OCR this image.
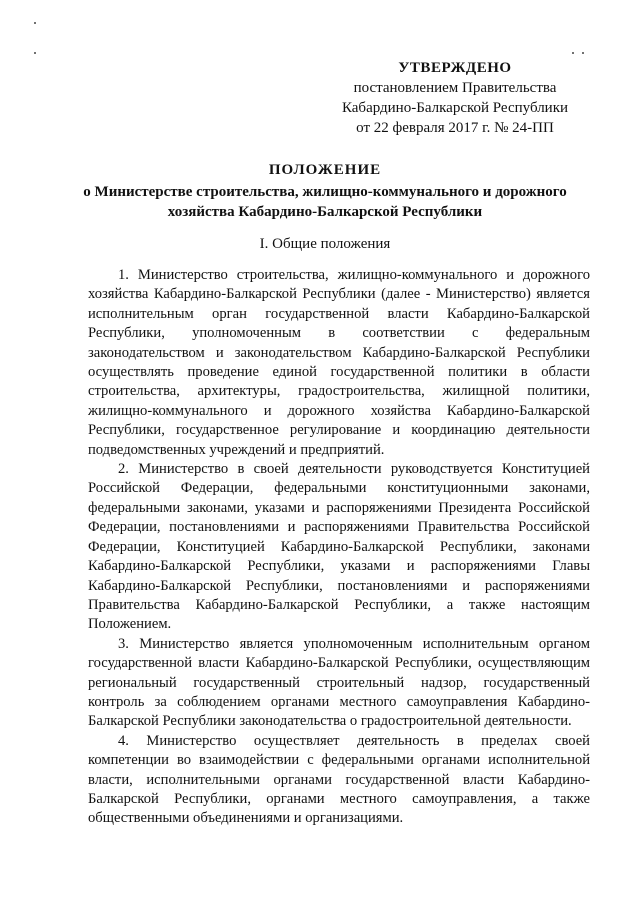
УТВЕРЖДЕНО
постановлением Правительства
Кабардино-Балкарской Республики
от 22 февраля 2017 г. № 24-ПП
ПОЛОЖЕНИЕ
о Министерстве строительства, жилищно-коммунального и дорожного хозяйства Кабардино-Балкарской Республики
I. Общие положения

1. Министерство строительства, жилищно-коммунального и дорожного хозяйства Кабардино-Балкарской Республики (далее - Министерство) является исполнительным орган государственной власти Кабардино-Балкарской Республики, уполномоченным в соответствии с федеральным законодательством и законодательством Кабардино-Балкарской Республики осуществлять проведение единой государственной политики в области строительства, архитектуры, градостроительства, жилищной политики, жилищно-коммунального и дорожного хозяйства Кабардино-Балкарской Республики, государственное регулирование и координацию деятельности подведомственных учреждений и предприятий.

2. Министерство в своей деятельности руководствуется Конституцией Российской Федерации, федеральными конституционными законами, федеральными законами, указами и распоряжениями Президента Российской Федерации, постановлениями и распоряжениями Правительства Российской Федерации, Конституцией Кабардино-Балкарской Республики, законами Кабардино-Балкарской Республики, указами и распоряжениями Главы Кабардино-Балкарской Республики, постановлениями и распоряжениями Правительства Кабардино-Балкарской Республики, а также настоящим Положением.

3. Министерство является уполномоченным исполнительным органом государственной власти Кабардино-Балкарской Республики, осуществляющим региональный государственный строительный надзор, государственный контроль за соблюдением органами местного самоуправления Кабардино-Балкарской Республики законодательства о градостроительной деятельности.

4. Министерство осуществляет деятельность в пределах своей компетенции во взаимодействии с федеральными органами исполнительной власти, исполнительными органами государственной власти Кабардино-Балкарской Республики, органами местного самоуправления, а также общественными объединениями и организациями.
